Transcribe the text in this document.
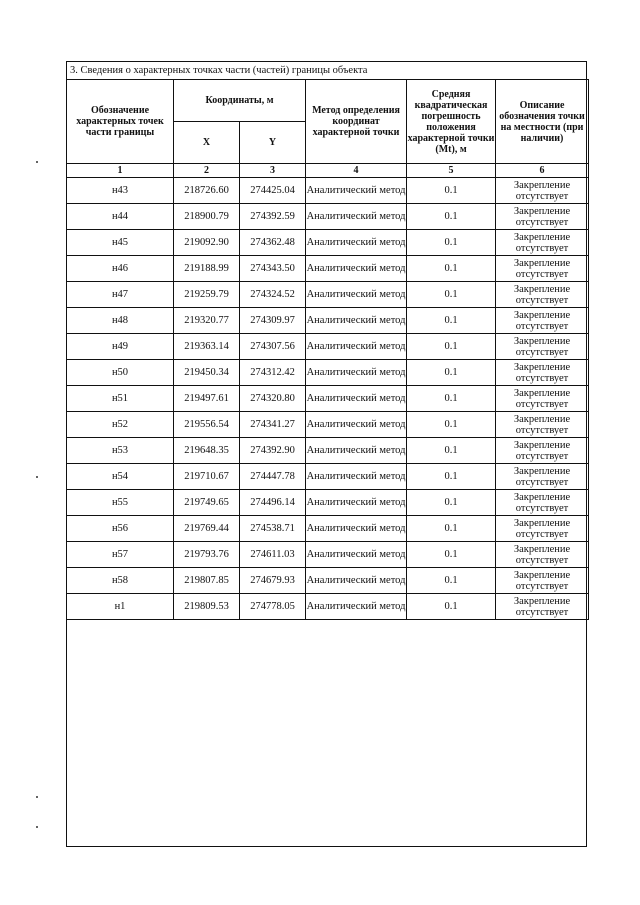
3. Сведения о характерных точках части (частей) границы объекта
Обозначение характерных точек части границы	Координаты, м		Метод определения координат характерной точки	Средняя квадратическая погрешность положения характерной точки (Mt), м	Описание обозначения точки на местности (при наличии)
	X	Y			
1	2	3	4	5	6
н43	218726.60	274425.04	Аналитический метод	0.1	Закрепление отсутствует
н44	218900.79	274392.59	Аналитический метод	0.1	Закрепление отсутствует
н45	219092.90	274362.48	Аналитический метод	0.1	Закрепление отсутствует
н46	219188.99	274343.50	Аналитический метод	0.1	Закрепление отсутствует
н47	219259.79	274324.52	Аналитический метод	0.1	Закрепление отсутствует
н48	219320.77	274309.97	Аналитический метод	0.1	Закрепление отсутствует
н49	219363.14	274307.56	Аналитический метод	0.1	Закрепление отсутствует
н50	219450.34	274312.42	Аналитический метод	0.1	Закрепление отсутствует
н51	219497.61	274320.80	Аналитический метод	0.1	Закрепление отсутствует
н52	219556.54	274341.27	Аналитический метод	0.1	Закрепление отсутствует
н53	219648.35	274392.90	Аналитический метод	0.1	Закрепление отсутствует
н54	219710.67	274447.78	Аналитический метод	0.1	Закрепление отсутствует
н55	219749.65	274496.14	Аналитический метод	0.1	Закрепление отсутствует
н56	219769.44	274538.71	Аналитический метод	0.1	Закрепление отсутствует
н57	219793.76	274611.03	Аналитический метод	0.1	Закрепление отсутствует
н58	219807.85	274679.93	Аналитический метод	0.1	Закрепление отсутствует
н1	219809.53	274778.05	Аналитический метод	0.1	Закрепление отсутствует
